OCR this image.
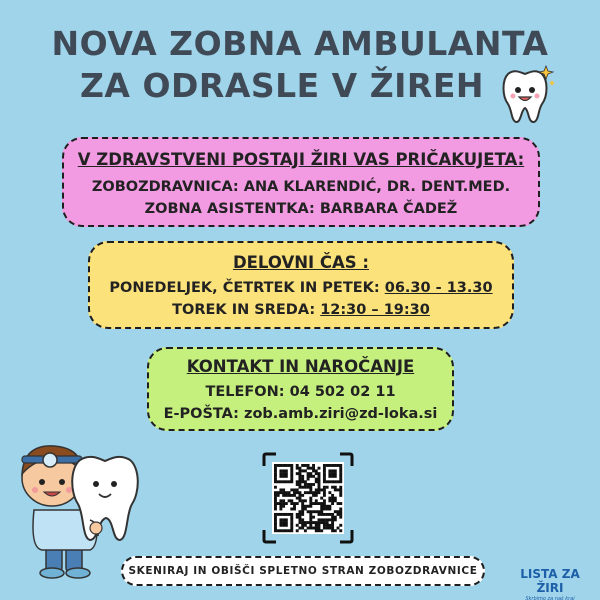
NOVA ZOBNA AMBULANTA
ZA ODRASLE V ŽIREH
V ZDRAVSTVENI POSTAJI ŽIRI VAS PRIČAKUJETA:
ZOBOZDRAVNICA: ANA KLARENDIĆ, DR. DENT.MED.
ZOBNA ASISTENTKA: BARBARA ČADEŽ
DELOVNI ČAS :
PONEDELJEK, ČETRTEK IN PETEK: 06.30 - 13.30
TOREK IN SREDA: 12:30 – 19:30
KONTAKT IN NAROČANJE
TELEFON: 04 502 02 11
E-POŠTA: zob.amb.ziri@zd-loka.si
SKENIRAJ IN OBIŠČI SPLETNO STRAN ZOBOZDRAVNICE	LISTA ZA ŽIRI
Skrbimo za naš kraj
